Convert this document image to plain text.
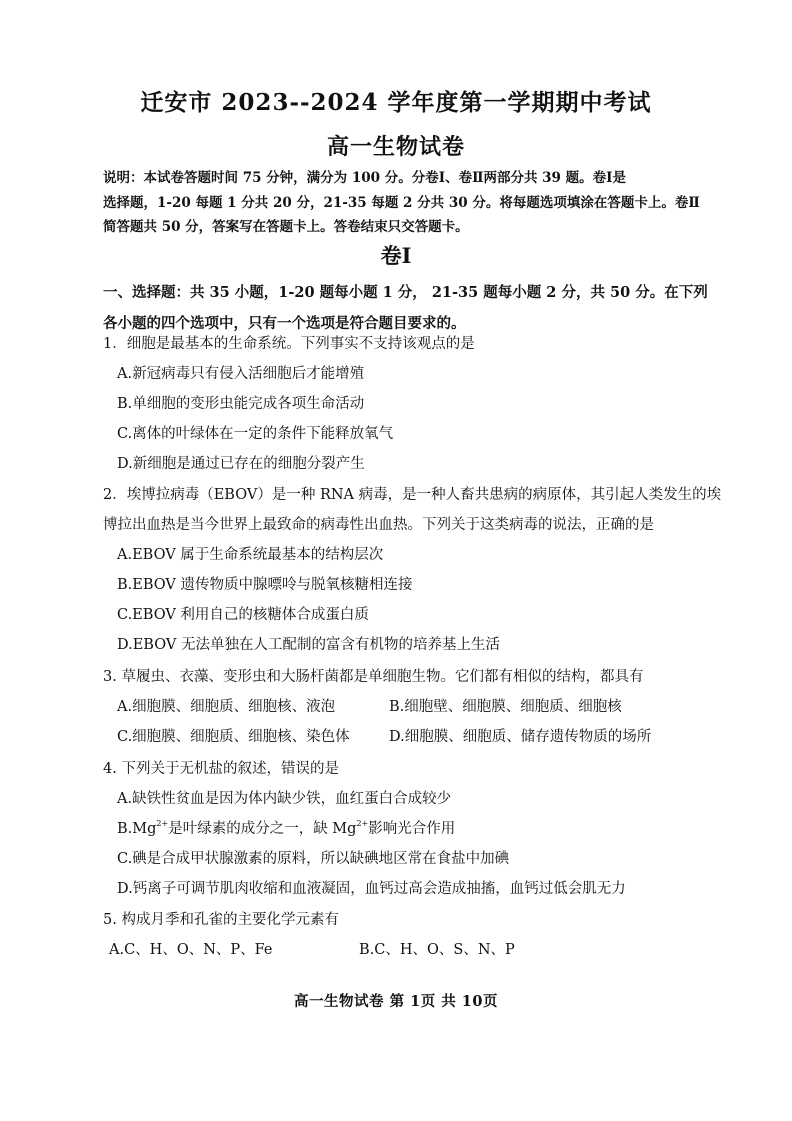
迁安市 2023--2024 学年度第一学期期中考试
高一生物试卷
说明：本试卷答题时间 75 分钟，满分为 100 分。分卷Ⅰ、卷Ⅱ两部分共 39 题。卷Ⅰ是
选择题，1-20 每题 1 分共 20 分，21-35 每题 2 分共 30 分。将每题选项填涂在答题卡上。卷Ⅱ
简答题共 50 分，答案写在答题卡上。答卷结束只交答题卡。
卷Ⅰ
一、选择题：共 35 小题，1-20 题每小题 1 分， 21-35 题每小题 2 分，共 50 分。在下列
各小题的四个选项中，只有一个选项是符合题目要求的。
1．细胞是最基本的生命系统。下列事实不支持该观点的是
A.新冠病毒只有侵入活细胞后才能增殖
B.单细胞的变形虫能完成各项生命活动
C.离体的叶绿体在一定的条件下能释放氧气
D.新细胞是通过已存在的细胞分裂产生
2．埃博拉病毒（EBOV）是一种 RNA 病毒，是一种人畜共患病的病原体，其引起人类发生的埃
博拉出血热是当今世界上最致命的病毒性出血热。下列关于这类病毒的说法，正确的是
A.EBOV 属于生命系统最基本的结构层次
B.EBOV 遗传物质中腺嘌呤与脱氧核糖相连接
C.EBOV 利用自己的核糖体合成蛋白质
D.EBOV 无法单独在人工配制的富含有机物的培养基上生活
3. 草履虫、衣藻、变形虫和大肠杆菌都是单细胞生物。它们都有相似的结构，都具有
A.细胞膜、细胞质、细胞核、液泡	B.细胞壁、细胞膜、细胞质、细胞核
C.细胞膜、细胞质、细胞核、染色体	D.细胞膜、细胞质、储存遗传物质的场所
4. 下列关于无机盐的叙述，错误的是
A.缺铁性贫血是因为体内缺少铁，血红蛋白合成较少
$B.Mg^{2+}$是叶绿素的成分之一，缺 $Mg^{2+}$影响光合作用
C.碘是合成甲状腺激素的原料，所以缺碘地区常在食盐中加碘
D.钙离子可调节肌肉收缩和血液凝固，血钙过高会造成抽搐，血钙过低会肌无力
5. 构成月季和孔雀的主要化学元素有
A.C、H、O、N、P、Fe	B.C、H、O、S、N、P
高一生物试卷 第 1页 共 10页
